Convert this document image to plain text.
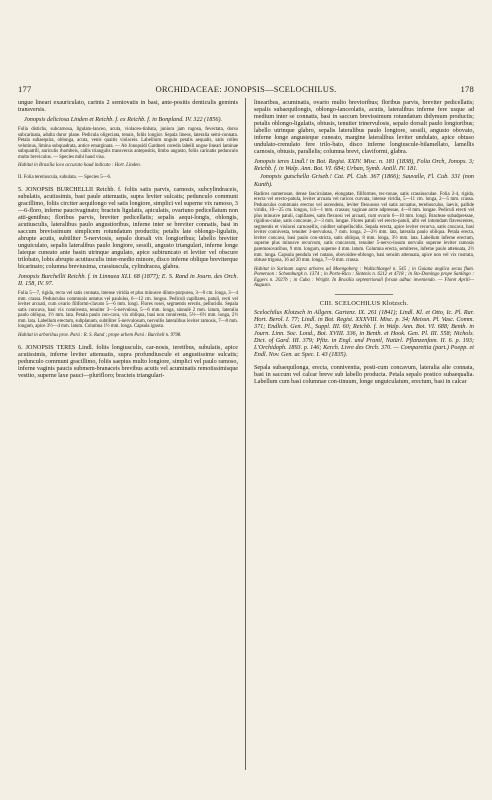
177	ORCHIDACEAE: JONOPSIS—SCELOCHILUS.	178

ungue lineari exauriculato, carinis 2 semiovatis in basi, ante-positis denticulis geminis transversis.

Jonopsis deliciosa Linden et Reichb. f. ex Reichb. f. in Bonpland. IV. 322 (1856).

Folia distichs, subcarnosa, ligulato-lanceo, acuta, violaceo-tinbata, juniora jam rugosa, fevectata, dorso subcarinata, adulta duror plane. Pedicula oligeciata, tenuis, foliis longior. Sepala lineos, lateralia semi-connata. Petala subaequira, oblonga, acuta, venis quaitis violaceis. Labellium ungulo petalis aequalis, satis colles velutinus, limina subquadrata, antice emarginata. — Ab Jonopsidi Gardneri coredis labelli ungue lineari laminae subquatrill, auriculis rhombeis, callis triangulis transversis antepositis, limbo angusto, foliis carinatis pedunculo multo breviculus. — Species mihi haud visa.

Habitat in Brasilia loco accurato haud indicato : Hort. Linden.

II. Folia teretiuscula, subulata. — Species 5—6.

5. JONOPSIS BURCHELLII Reichb. f. foliis satis parvis, carnosis, subcylindraceis, subulatis, acutissimis, basi paule attenuatis, supra leviter sulcatis; pedunculo communi gracillimo, foliis circiter aequilongo vel satis longiore, simplici vel superne vix ramoso, 3—6-floro, inferne paucivaginato; bracteis ligulatis, apiculatis, ovariuno pedicellatum non atti-gentibus; floribus parvis, breviter pedicellatis; sepalis aequi-longis, oblongis, acutiusculis, lateralibus paulo angustioribus, inferne inter se breviter connatis, basi in saccum brevissimum simplicem rotundatum productis; petalis late oblongo-ligulatis, abrupte acutis, subtiliter 5-nerviosis, sepalo dorsali vix longioribus; labello breviter unguiculato, sepalis lateralibus paulo longiore, sessili, angusto triangulari, inferne longe lateque cuneato ante basin utrinque angulato, apice subtruncato et leviter vel obscure trilobato, lobis abrupte acutiusculis inter-medio minore, disco inferne oblique breviterque bicarinato; columna breviusima, crassiuscula, cylindracea, glabra.

Jonopsis Burchellii Reichb. f. in Linnaea XLI. 68 (1877); E. S. Rand in Journ. des Orch. II. 158, IV. 97.

Folia 5—7, rigida, recta vel satis connata, intense viridia et plus minusve diluto-purpurea, 3—8 cm. longa, 3—4 mm. crassa. Pedunculus communis untatus vel paululus, 6—12 cm. longus. Pediculi capillares, patuli, recti vel leviter arcuati, cum ovario filiformi-clavato 5—6 mm. longi. Flores rosei, segmentis erectis, pellucidis. Sepala satis concava, basi vix connivesta, tenuiter 3—5-nervulosa, 5—6 mm. longa, sinnulé 2 mm. latum, lateralia paulo obliqua, 1½ mm. lata. Petala paulo con-cava, vix obliqua, basi non connivesta, 5½—6½ mm. longa, 2½ mm. lata. Labellum erectum, subplanum, subtiliter 5-nervulosum, nervullis lateralibus leviter ramosis, 7—8 mm. longum, apice 3½—4 mm. latum. Columna 1½ mm. longa. Capsula ignota.

Habitat in arboribus prov. Pará : R. S. Rand ; prope urbem Pará : Burchell n. 9798.

6. JONOPSIS TERES Lindl. foliis longiusculis, car-nosis, teretibus, subulatis, apice acutissimis, inferne leviter attenuatis, supra profundiuscule et angustissime sulcatis; pedunculo communi gracillimo, foliis saepius multo longiore, simplici vel paulo ramoso, inferne vaginis paucis submem-branaceis brevibus acutis vel acuminatis remotissimisque vestito, superne laxe pauci—pluriflоro; bracteis triangulari-

linearibus, acuminatis, ovario multo brevioribus; floribus parvis, breviter pedicellatis; sepalis subaequilongis, oblongo-lanceolatis, acutis, lateralibus inferne fere usque ad medium inter se connatis, basi in saccum brevissimum rotundatum didymum productis; petalis oblongo-ligulatis, obtusis, tenuiter trinervulosis, sepalo dorsali paulo longioribus; labello utrinque glabro, sepalis lateralibus paulo longiore, sessili, angusto obovato, inferne longe angusteque cuneato, margine lateralibus leviter undulato, apice obtuso undulato-crenulato fere trilo-bato, disco inferne longiuscule-bilamellato, lamellis carnosis, obtusis, parallelis; columna brevi, claviformi, glabra.

Jonopsis teres Lindl.! in Bot. Regist. XXIV. Misc. n. 181 (1838), Folia Orch, Jonops. 3; Reichb. f. in Walp. Ann. Bot. VI. 684; Urban, Symb. Antill. IV. 181.

Jonopsis gutschella Griseb.! Cat. Pl. Cub. 367 (1866); Sauvalle, Fl. Cub. 331 (non Kunth).

Radices numerosae, dense fasciculatae, elongatae, filiformes, tec-tonae, satis crassiusculae. Folia 2-4, rigida, erecta vel erecto-patula, leviter arcuata vel raricos curvata, intense viridia, 5—11 cm. longa, 2—5 mm. crassa. Pedunculus communis erectus vel ascendens, leviter flexuosus vel satis arcuatus, teretiusculus, laevis, pallide viridis, 10—25 cm. longus, 1/4—1 mm. crassus; vaginae arcte adpressae, 4—8 mm. longae. Pediculi erecti vel plus minusve patuli, capillares, satis flexuosi vel arcuati, cum ovario 6—10 mm. longi. Bracteae subadpressae, rigidius-culae, satis concavae, 2—3 mm. longae. Flores patuli vel erecto-patuli, albi vel intumdam flavescentes, segmentis et violacei carnosellis, cuiditer subpellucidis. Sepala erecta, apice leviter recurva, satis concava, basi leviter connivesta, tenuiter 3-nervulosa, 7 mm. longa, 2—2½ mm. lata, lateralia paulo obliqua. Petala erecta, leviter concava, basi paulo con-stricta, satis obliqua, 8 mm. longa, 3½ mm. lata. Labellum inferne erectum, superne plus minusve recurvum, satis concavum, tenuiter 5-nervo-losum nervulis superne leviter ramosis paremosovaribus, 9 mm. longum, superne 4 mm. latum. Columna erecta, semiteres, inferne paulo attenuata, 2½ mm. longa. Capsula pendula vel nutans, obovoideo-oblongo, basi sensim attenuata, apice non vel vix rostrata, obtuse trigona, 16 ad 20 mm. longa, 7—9 mm. crassa.

Habitat in Surinam supra arbores ad Moengoberg : Wullschlaegel n. 545 ; in Guiana anglica secus flum. Pomeroon : Schomburgk n. 1374 ; in Porto-Rico : Sintenis n. 6212 et 4718 ; in Sto-Domingo prope Sanlingo : Eggers n. 2027b ; in Cuba : Wright. In Brasilia septentrionali forsan adhuc inveniendo. — Floret Aprili—Augusto.

CIII. SCELOCHILUS Klotzsch.

Scelochilus Klotzsch in Allgem. Gartenz. IX. 261 (1841); Lindl. Kl. et Otto, Ic. Pl. Rar. Hort. Berol. I. 77; Lindl. in Bot. Regist. XXXVIII. Misc. p. 34; Meissn. Pl. Vasc. Comm. 371; Endlich. Gen. Pl., Suppl. III. 60; Reichb. f. in Walp. Ann. Bot. VI. 688; Benth. in Journ. Linn. Soc. Lond., Bot. XVIII. 336, in Benth. et Hook. Gen. Pl. III. 558; Nichols. Dict. of Gard. III. 379; Pfitz. in Engl. und Prantl, Natürl. Pflanzenfam. II. 6. p. 193; L'Orchidoph. 1893. p. 146; Kerch. Livre des Orch. 370. — Comparettia (part.) Poepp. et Endl. Nov. Gen. ac Spec. I. 43 (1835).

Sepala subaequilonga, erecta, conniventia, posti-cum concavum, lateralia alte connata, basi in saccum vel calcar breve sub labello producta. Petala sepalo postico subaequalia. Labellum cum basi columnae con-tinuum, longe unguiculatum, erectum, basi in calcar
